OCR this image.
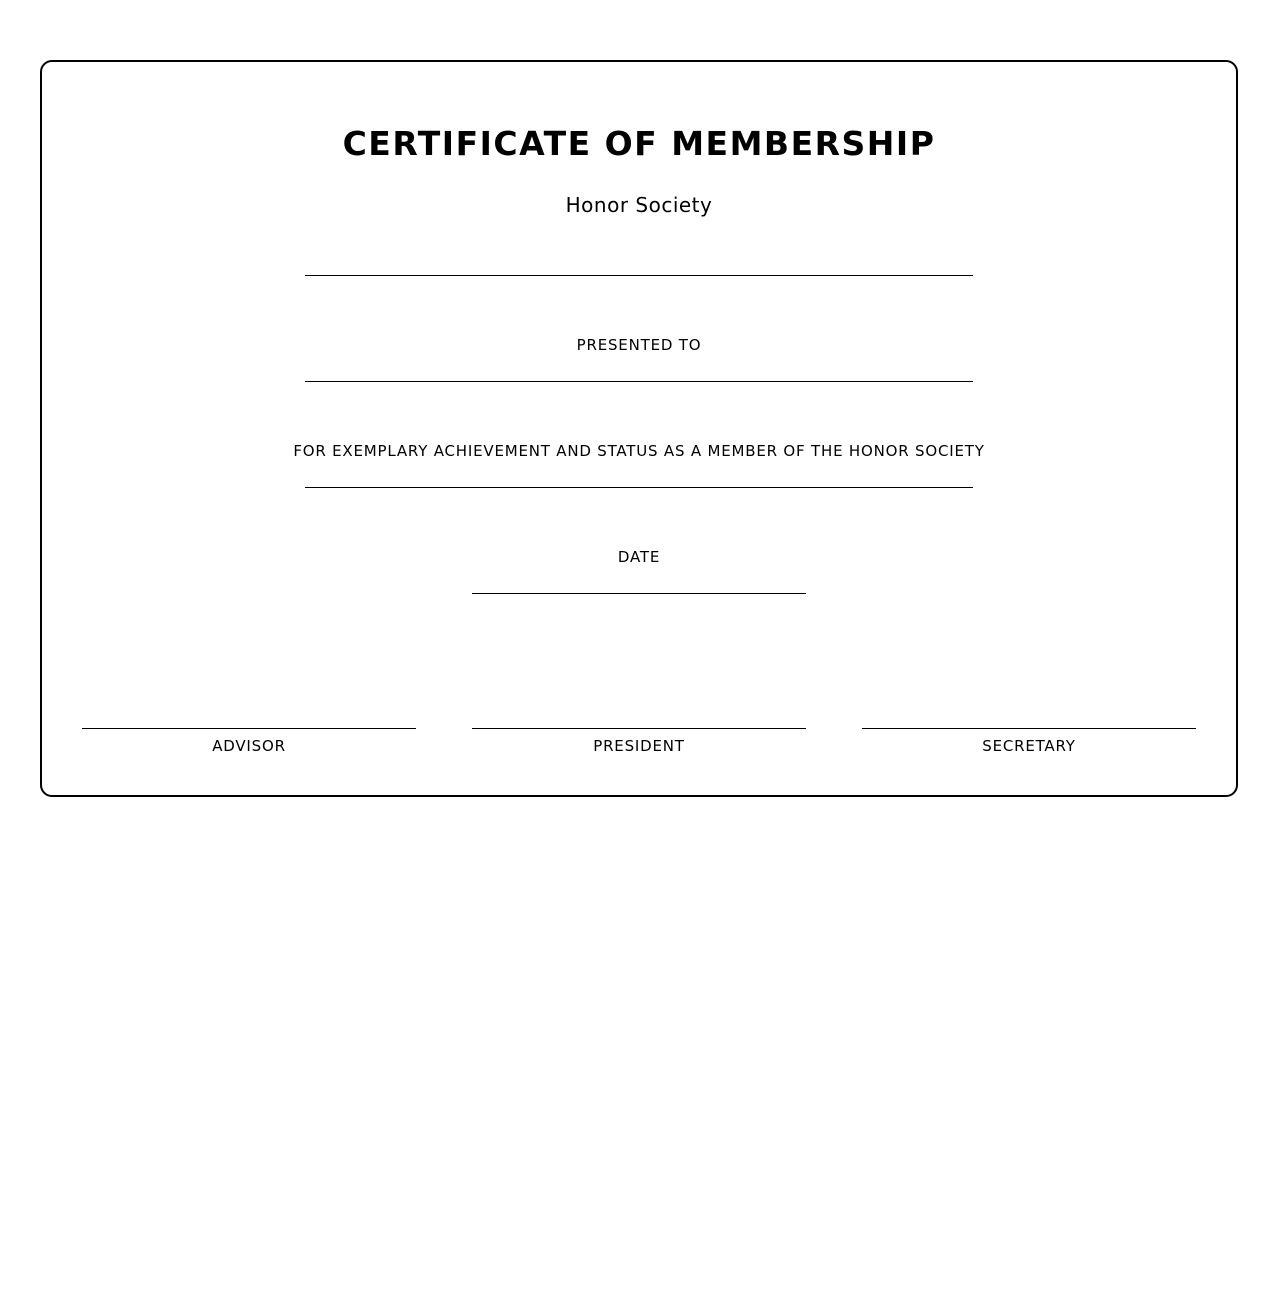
CERTIFICATE OF MEMBERSHIP
Honor Society
PRESENTED TO
FOR EXEMPLARY ACHIEVEMENT AND STATUS AS A MEMBER OF THE HONOR SOCIETY
DATE
ADVISOR	PRESIDENT	SECRETARY
